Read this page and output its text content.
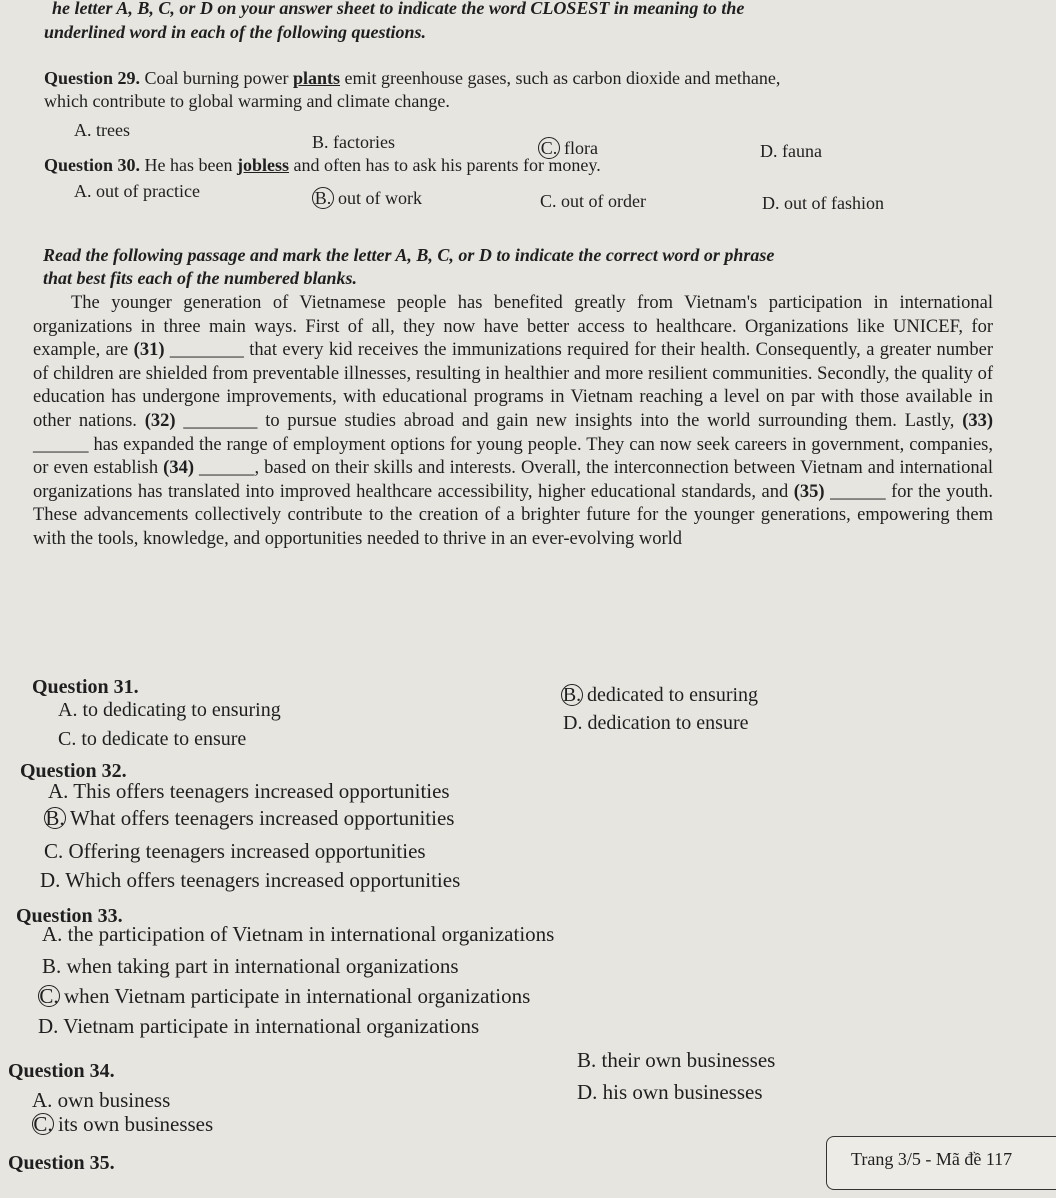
he letter A, B, C, or D on your answer sheet to indicate the word CLOSEST in meaning to the

underlined word in each of the following questions.

Question 29. Coal burning power plants emit greenhouse gases, such as carbon dioxide and methane,

which contribute to global warming and climate change.

A. trees

B. factories	C. flora	D. fauna

Question 30. He has been jobless and often has to ask his parents for money.

A. out of practice	B. out of work	C. out of order	D. out of fashion

Read the following passage and mark the letter A, B, C, or D to indicate the correct word or phrase

that best fits each of the numbered blanks.

The younger generation of Vietnamese people has benefited greatly from Vietnam's participation in international organizations in three main ways. First of all, they now have better access to healthcare. Organizations like UNICEF, for example, are (31) ________ that every kid receives the immunizations required for their health. Consequently, a greater number of children are shielded from preventable illnesses, resulting in healthier and more resilient communities. Secondly, the quality of education has undergone improvements, with educational programs in Vietnam reaching a level on par with those available in other nations. (32) ________ to pursue studies abroad and gain new insights into the world surrounding them. Lastly, (33) ______ has expanded the range of employment options for young people. They can now seek careers in government, companies, or even establish (34) ______, based on their skills and interests. Overall, the interconnection between Vietnam and international organizations has translated into improved healthcare accessibility, higher educational standards, and (35) ______ for the youth. These advancements collectively contribute to the creation of a brighter future for the younger generations, empowering them with the tools, knowledge, and opportunities needed to thrive in an ever-evolving world

Question 31.

A. to dedicating to ensuring

B. dedicated to ensuring

C. to dedicate to ensure

D. dedication to ensure

Question 32.

A. This offers teenagers increased opportunities

B. What offers teenagers increased opportunities

C. Offering teenagers increased opportunities

D. Which offers teenagers increased opportunities

Question 33.

A. the participation of Vietnam in international organizations

B. when taking part in international organizations

C. when Vietnam participate in international organizations

D. Vietnam participate in international organizations

Question 34.	B. their own businesses

A. own business	D. his own businesses

C. its own businesses

Question 35.	Trang 3/5 - Mã đề 117
